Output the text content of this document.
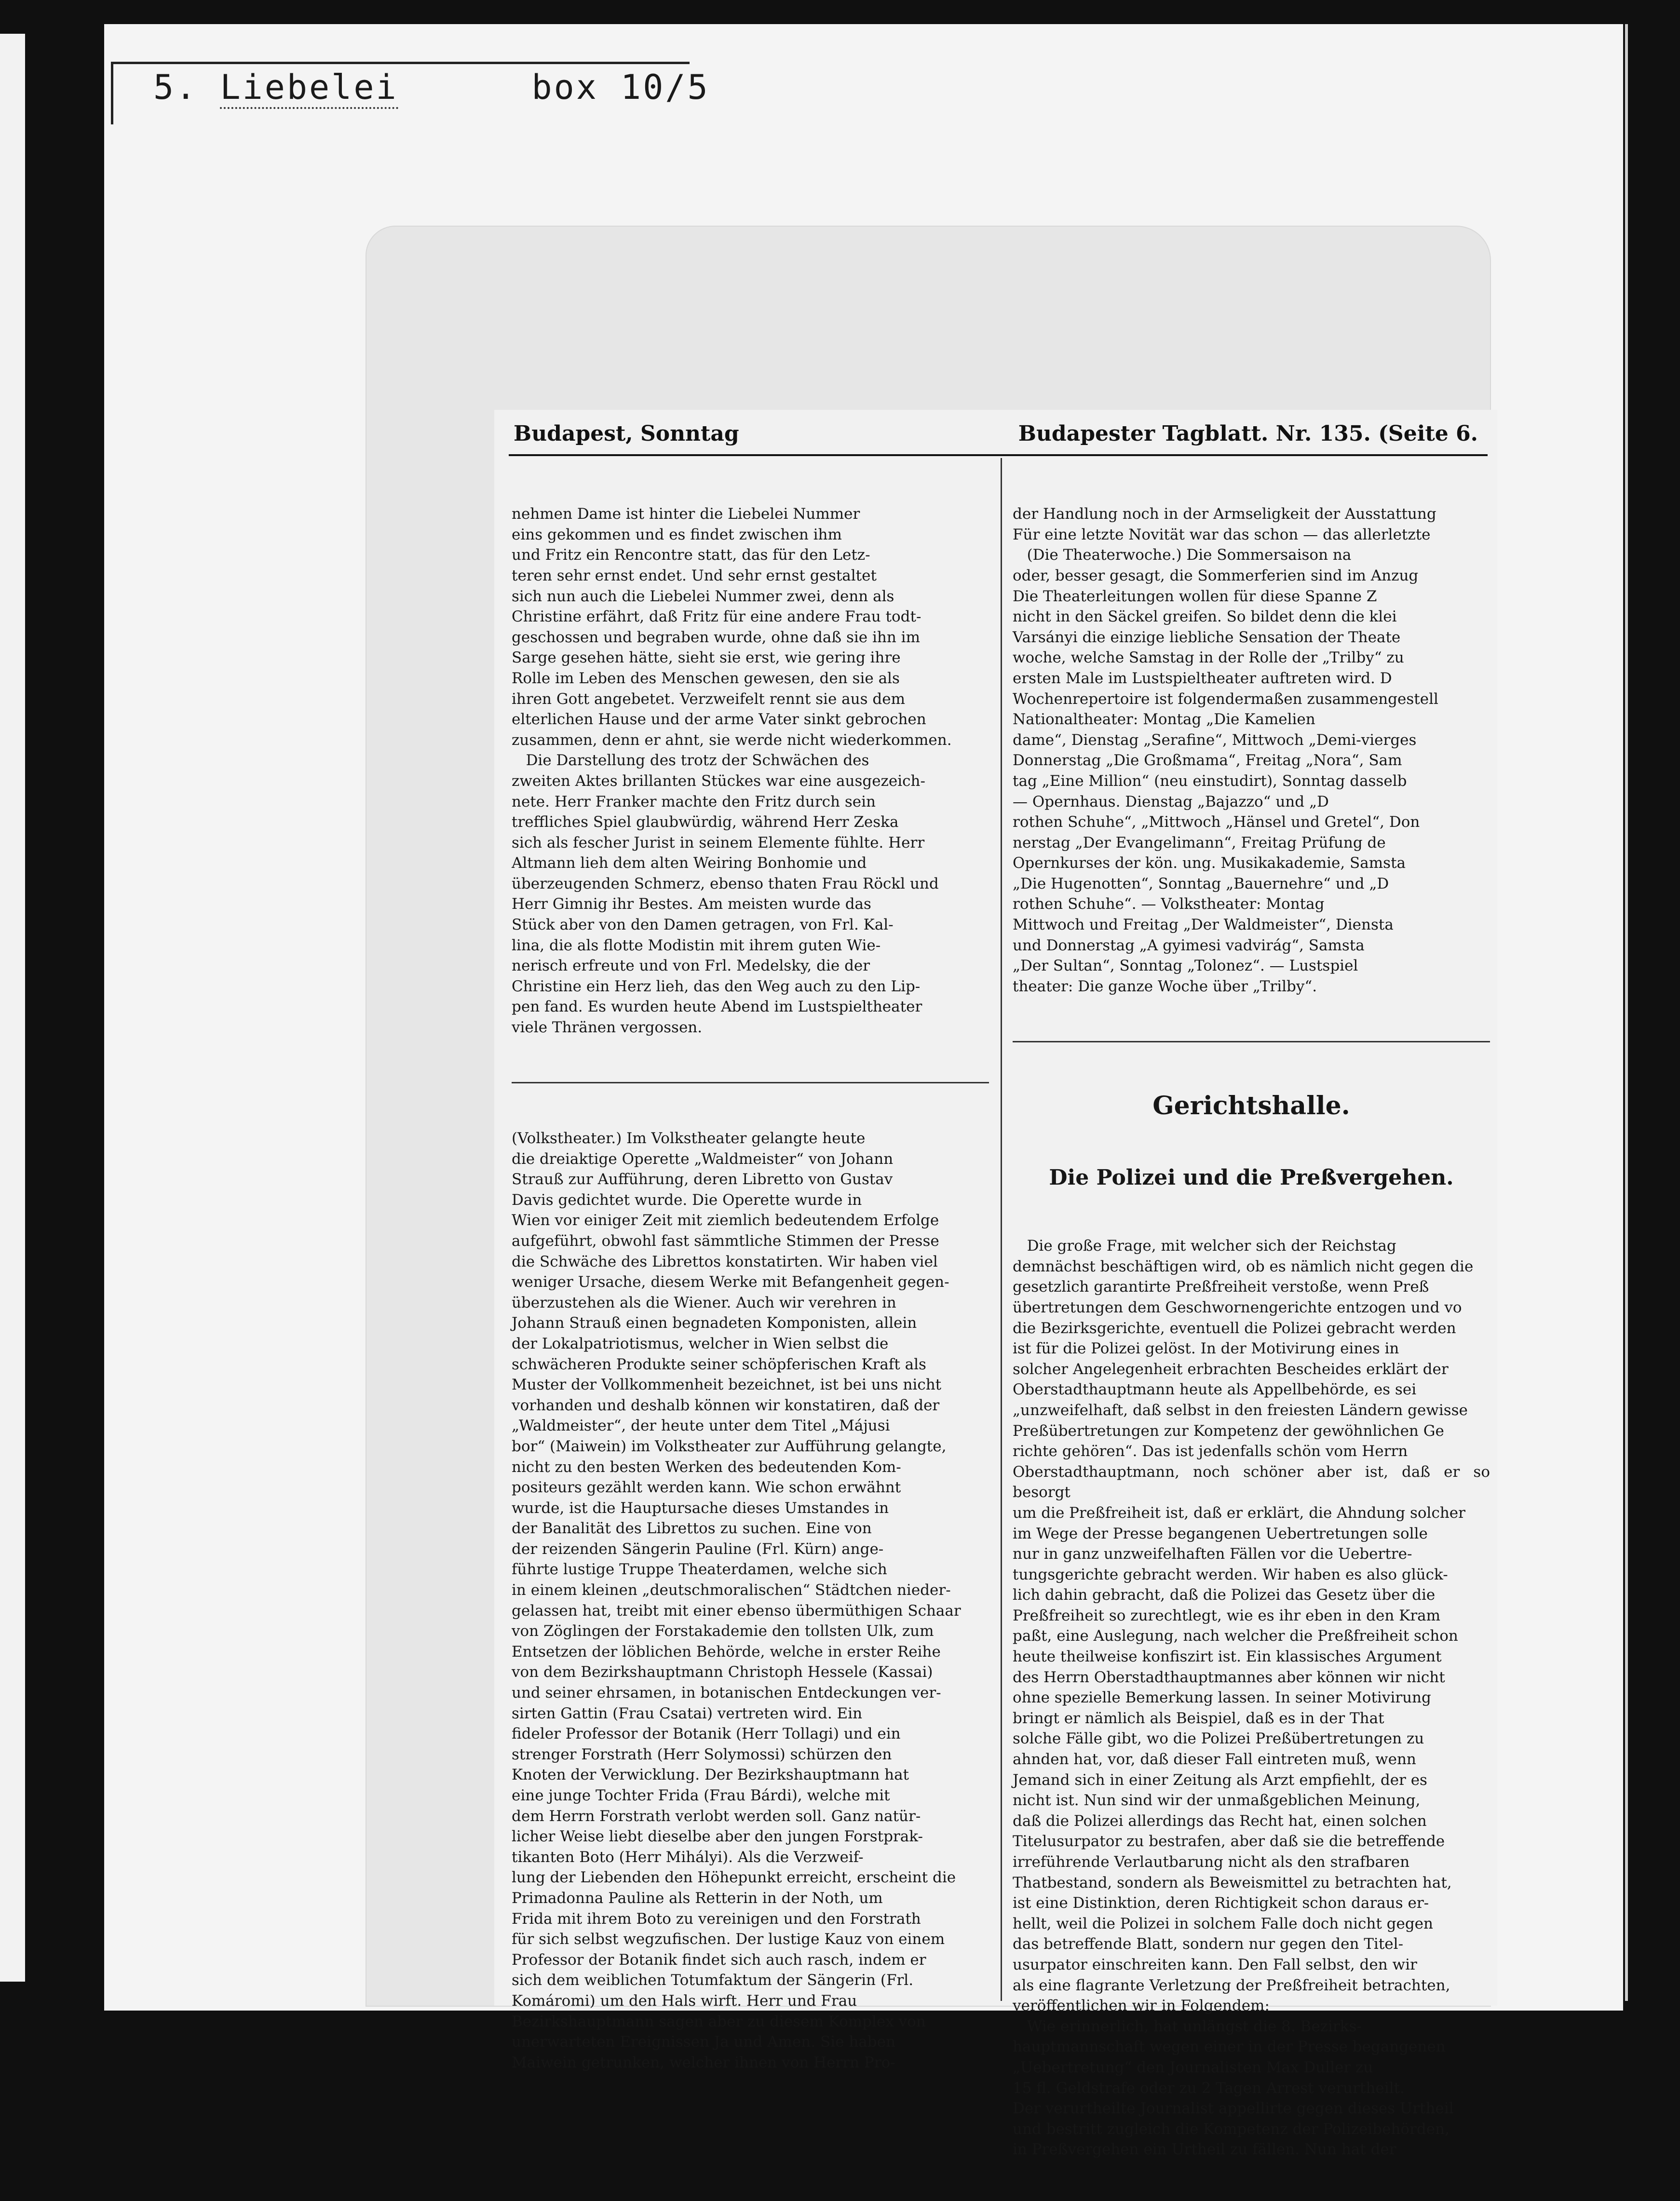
5. Liebelei	box 10/5
Budapest, Sonntag	Budapester Tagblatt. Nr. 135. (Seite 6.

nehmen Dame ist hinter die Liebelei Nummer

eins gekommen und es findet zwischen ihm

und Fritz ein Rencontre statt, das für den Letz-

teren sehr ernst endet. Und sehr ernst gestaltet

sich nun auch die Liebelei Nummer zwei, denn als

Christine erfährt, daß Fritz für eine andere Frau todt-

geschossen und begraben wurde, ohne daß sie ihn im

Sarge gesehen hätte, sieht sie erst, wie gering ihre

Rolle im Leben des Menschen gewesen, den sie als

ihren Gott angebetet. Verzweifelt rennt sie aus dem

elterlichen Hause und der arme Vater sinkt gebrochen

zusammen, denn er ahnt, sie werde nicht wiederkommen.

Die Darstellung des trotz der Schwächen des

zweiten Aktes brillanten Stückes war eine ausgezeich-

nete. Herr Franker machte den Fritz durch sein

treffliches Spiel glaubwürdig, während Herr Zeska

sich als fescher Jurist in seinem Elemente fühlte. Herr

Altmann lieh dem alten Weiring Bonhomie und

überzeugenden Schmerz, ebenso thaten Frau Röckl und

Herr Gimnig ihr Bestes. Am meisten wurde das

Stück aber von den Damen getragen, von Frl. Kal-

lina, die als flotte Modistin mit ihrem guten Wie-

nerisch erfreute und von Frl. Medelsky, die der

Christine ein Herz lieh, das den Weg auch zu den Lip-

pen fand. Es wurden heute Abend im Lustspieltheater

viele Thränen vergossen.

(Volkstheater.) Im Volkstheater gelangte heute

die dreiaktige Operette „Waldmeister“ von Johann

Strauß zur Aufführung, deren Libretto von Gustav

Davis gedichtet wurde. Die Operette wurde in

Wien vor einiger Zeit mit ziemlich bedeutendem Erfolge

aufgeführt, obwohl fast sämmtliche Stimmen der Presse

die Schwäche des Librettos konstatirten. Wir haben viel

weniger Ursache, diesem Werke mit Befangenheit gegen-

überzustehen als die Wiener. Auch wir verehren in

Johann Strauß einen begnadeten Komponisten, allein

der Lokalpatriotismus, welcher in Wien selbst die

schwächeren Produkte seiner schöpferischen Kraft als

Muster der Vollkommenheit bezeichnet, ist bei uns nicht

vorhanden und deshalb können wir konstatiren, daß der

„Waldmeister“, der heute unter dem Titel „Májusi

bor“ (Maiwein) im Volkstheater zur Aufführung gelangte,

nicht zu den besten Werken des bedeutenden Kom-

positeurs gezählt werden kann. Wie schon erwähnt

wurde, ist die Hauptursache dieses Umstandes in

der Banalität des Librettos zu suchen. Eine von

der reizenden Sängerin Pauline (Frl. Kürn) ange-

führte lustige Truppe Theaterdamen, welche sich

in einem kleinen „deutschmoralischen“ Städtchen nieder-

gelassen hat, treibt mit einer ebenso übermüthigen Schaar

von Zöglingen der Forstakademie den tollsten Ulk, zum

Entsetzen der löblichen Behörde, welche in erster Reihe

von dem Bezirkshauptmann Christoph Hessele (Kassai)

und seiner ehrsamen, in botanischen Entdeckungen ver-

sirten Gattin (Frau Csatai) vertreten wird. Ein

fideler Professor der Botanik (Herr Tollagi) und ein

strenger Forstrath (Herr Solymossi) schürzen den

Knoten der Verwicklung. Der Bezirkshauptmann hat

eine junge Tochter Frida (Frau Bárdi), welche mit

dem Herrn Forstrath verlobt werden soll. Ganz natür-

licher Weise liebt dieselbe aber den jungen Forstprak-

tikanten Boto (Herr Mihályi). Als die Verzweif-

lung der Liebenden den Höhepunkt erreicht, erscheint die

Primadonna Pauline als Retterin in der Noth, um

Frida mit ihrem Boto zu vereinigen und den Forstrath

für sich selbst wegzufischen. Der lustige Kauz von einem

Professor der Botanik findet sich auch rasch, indem er

sich dem weiblichen Totumfaktum der Sängerin (Frl.

Komáromi) um den Hals wirft. Herr und Frau

Bezirkshauptmann sagen aber zu diesem Komplex von

unerwarteten Ereignissen Ja und Amen. Sie haben

Maiwein getrunken, welcher ihnen von Herrn Pro-

der Handlung noch in der Armseligkeit der Ausstattung

Für eine letzte Novität war das schon — das allerletzte

(Die Theaterwoche.) Die Sommersaison na

oder, besser gesagt, die Sommerferien sind im Anzug

Die Theaterleitungen wollen für diese Spanne Z

nicht in den Säckel greifen. So bildet denn die klei

Varsányi die einzige liebliche Sensation der Theate

woche, welche Samstag in der Rolle der „Trilby“ zu

ersten Male im Lustspieltheater auftreten wird. D

Wochenrepertoire ist folgendermaßen zusammengestell

Nationaltheater: Montag „Die Kamelien

dame“, Dienstag „Serafine“, Mittwoch „Demi-vierges

Donnerstag „Die Großmama“, Freitag „Nora“, Sam

tag „Eine Million“ (neu einstudirt), Sonntag dasselb

— Opernhaus. Dienstag „Bajazzo“ und „D

rothen Schuhe“, „Mittwoch „Hänsel und Gretel“, Don

nerstag „Der Evangelimann“, Freitag Prüfung de

Opernkurses der kön. ung. Musikakademie, Samsta

„Die Hugenotten“, Sonntag „Bauernehre“ und „D

rothen Schuhe“. — Volkstheater: Montag

Mittwoch und Freitag „Der Waldmeister“, Diensta

und Donnerstag „A gyimesi vadvirág“, Samsta

„Der Sultan“, Sonntag „Tolonez“. — Lustspiel

theater: Die ganze Woche über „Trilby“.

Gerichtshalle.

Die Polizei und die Preßvergehen.

Die große Frage, mit welcher sich der Reichstag

demnächst beschäftigen wird, ob es nämlich nicht gegen die

gesetzlich garantirte Preßfreiheit verstoße, wenn Preß

übertretungen dem Geschwornengerichte entzogen und vo

die Bezirksgerichte, eventuell die Polizei gebracht werden

ist für die Polizei gelöst. In der Motivirung eines in

solcher Angelegenheit erbrachten Bescheides erklärt der

Oberstadthauptmann heute als Appellbehörde, es sei

„unzweifelhaft, daß selbst in den freiesten Ländern gewisse

Preßübertretungen zur Kompetenz der gewöhnlichen Ge

richte gehören“. Das ist jedenfalls schön vom Herrn

Oberstadthauptmann, noch schöner aber ist, daß er so besorgt

um die Preßfreiheit ist, daß er erklärt, die Ahndung solcher

im Wege der Presse begangenen Uebertretungen solle

nur in ganz unzweifelhaften Fällen vor die Uebertre-

tungsgerichte gebracht werden. Wir haben es also glück-

lich dahin gebracht, daß die Polizei das Gesetz über die

Preßfreiheit so zurechtlegt, wie es ihr eben in den Kram

paßt, eine Auslegung, nach welcher die Preßfreiheit schon

heute theilweise konfiszirt ist. Ein klassisches Argument

des Herrn Oberstadthauptmannes aber können wir nicht

ohne spezielle Bemerkung lassen. In seiner Motivirung

bringt er nämlich als Beispiel, daß es in der That

solche Fälle gibt, wo die Polizei Preßübertretungen zu

ahnden hat, vor, daß dieser Fall eintreten muß, wenn

Jemand sich in einer Zeitung als Arzt empfiehlt, der es

nicht ist. Nun sind wir der unmaßgeblichen Meinung,

daß die Polizei allerdings das Recht hat, einen solchen

Titelusurpator zu bestrafen, aber daß sie die betreffende

irreführende Verlautbarung nicht als den strafbaren

Thatbestand, sondern als Beweismittel zu betrachten hat,

ist eine Distinktion, deren Richtigkeit schon daraus er-

hellt, weil die Polizei in solchem Falle doch nicht gegen

das betreffende Blatt, sondern nur gegen den Titel-

usurpator einschreiten kann. Den Fall selbst, den wir

als eine flagrante Verletzung der Preßfreiheit betrachten,

veröffentlichen wir in Folgendem:

Wie erinnerlich, hat unlängst die 8. Bezirks-

hauptmannschaft wegen einer in der Presse begangenen

„Uebertretung“ den Journalisten Max Duller zu

15 fl. Geldstrafe oder zu 2 Tagen Arrest verurtheilt.

Der verurtheilte Journalist appellirte gegen dieses Urtheil

und bestritt zugleich die Kompetenz der Polizeibehörden,

in Preßvergehen ein Urtheil zu fällen. Nun hat der
